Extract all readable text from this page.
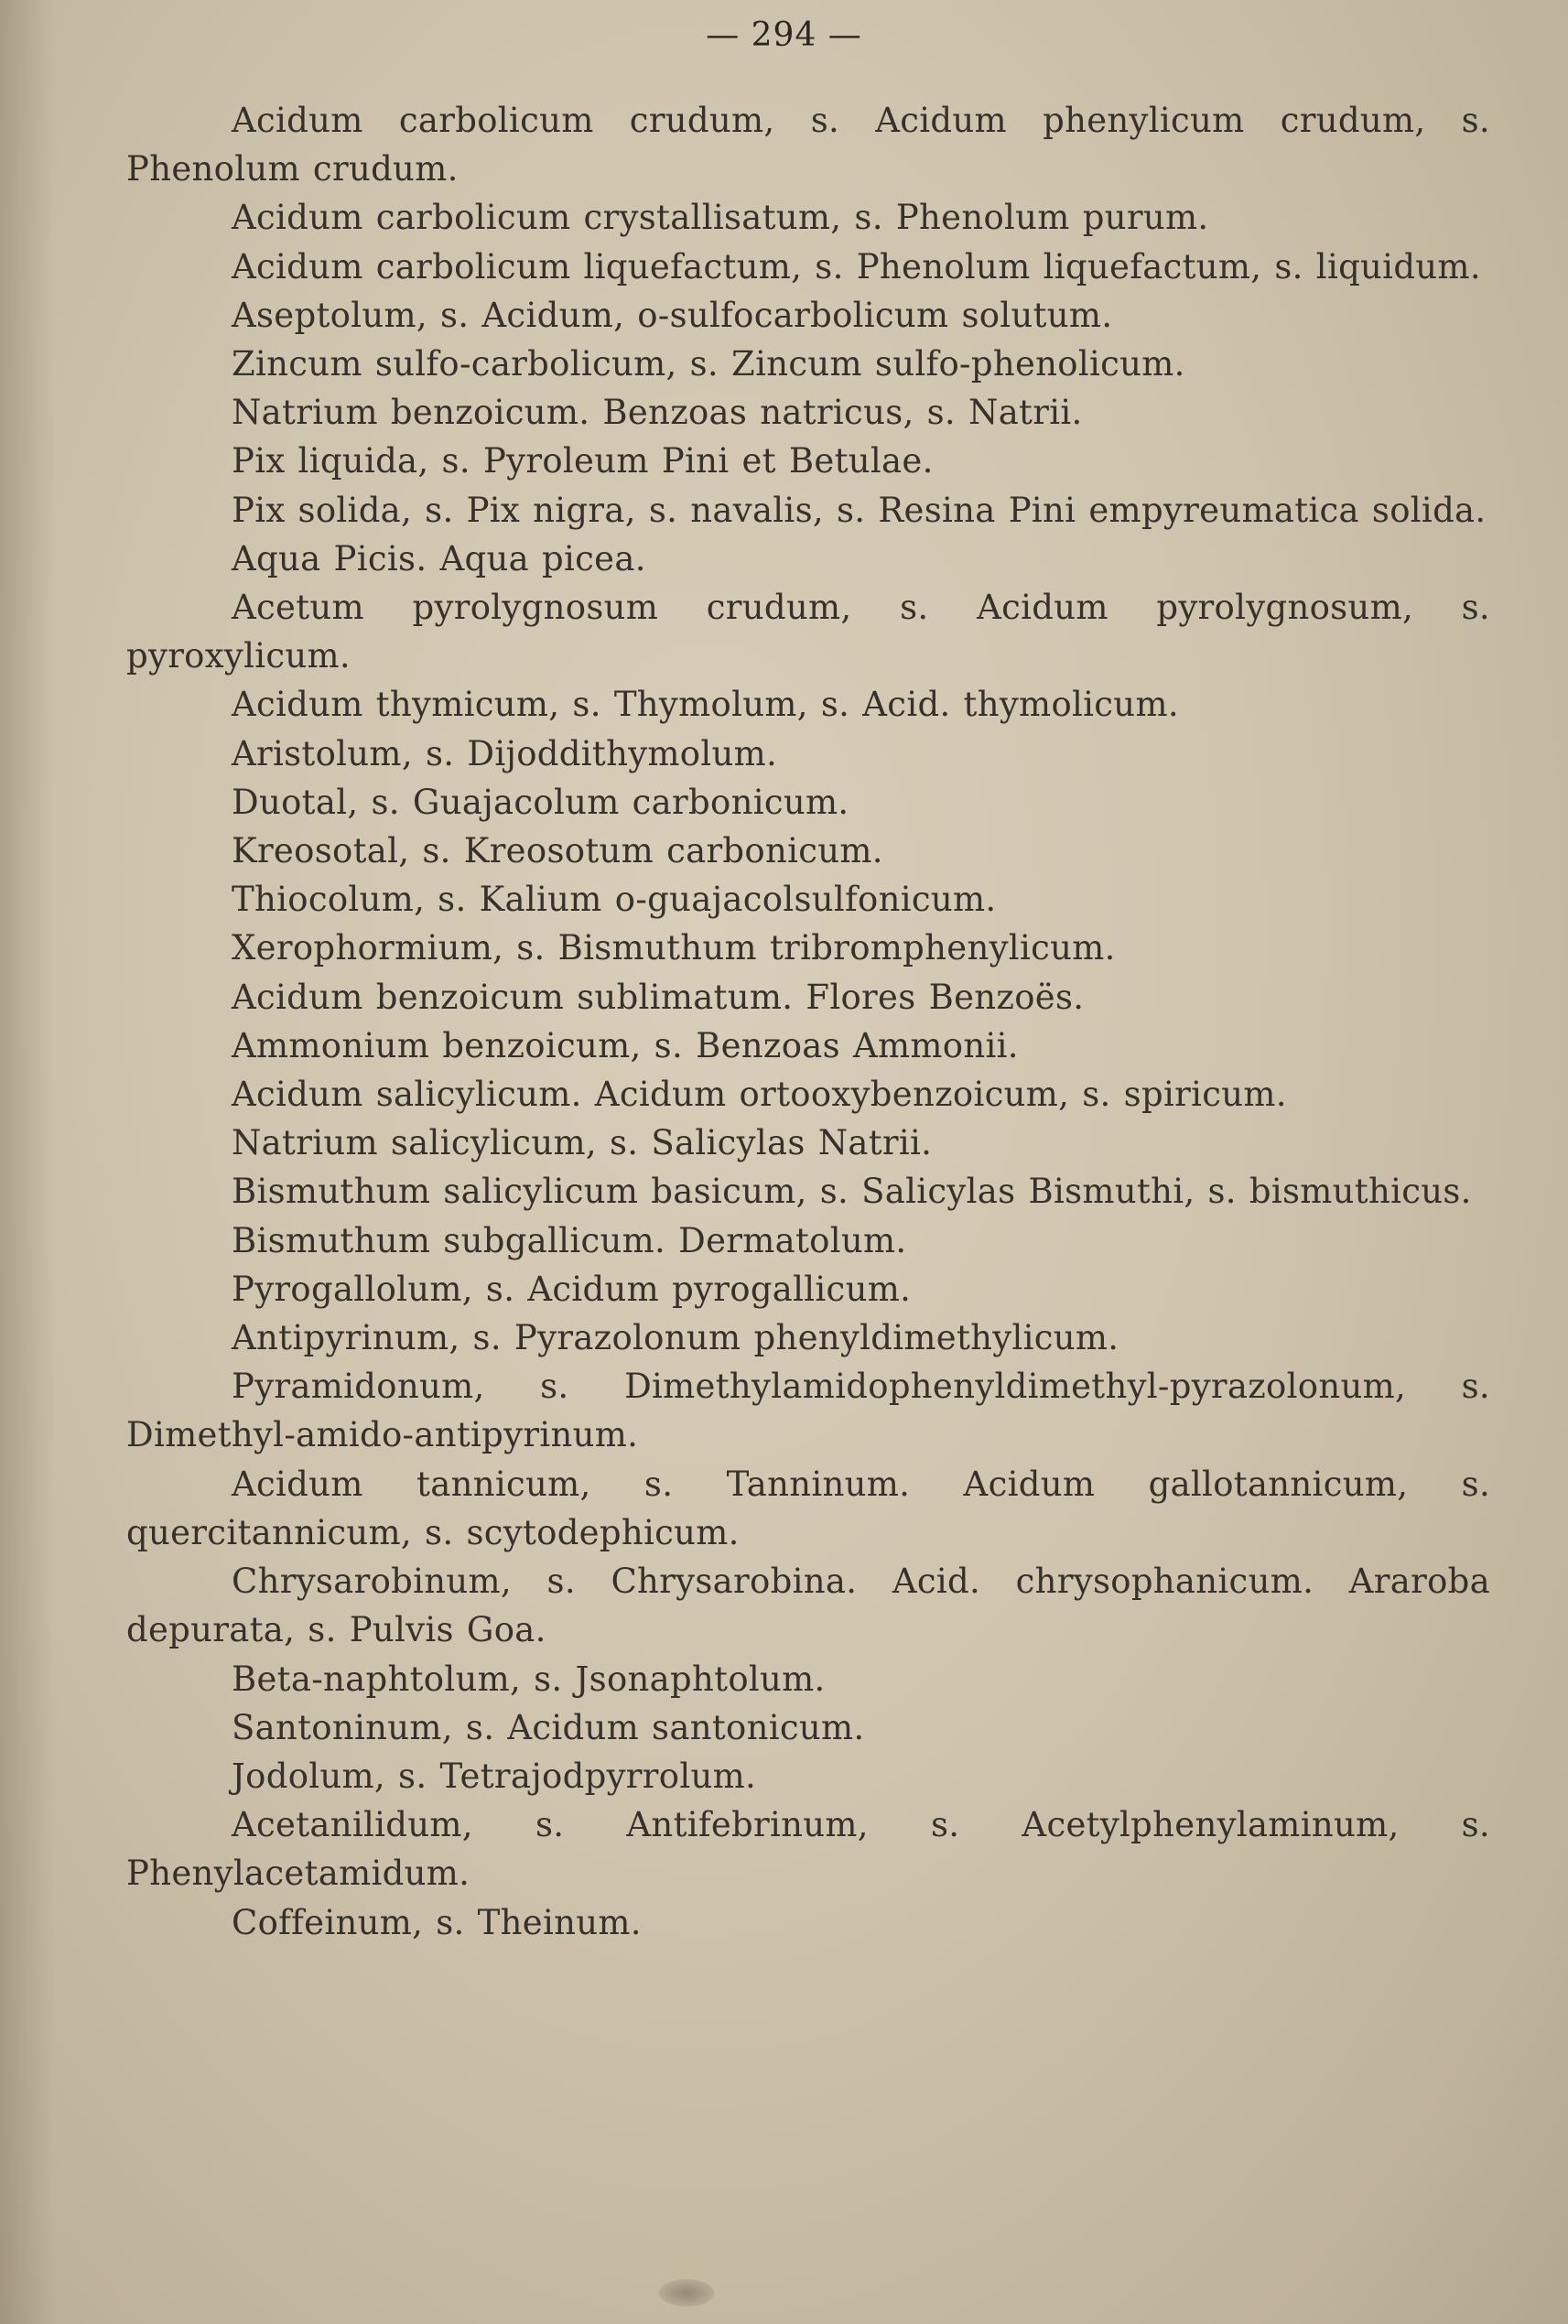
— 294 —

Acidum carbolicum crudum, s. Acidum phenylicum crudum, s. Phenolum crudum.

Acidum carbolicum crystallisatum, s. Phenolum purum.

Acidum carbolicum liquefactum, s. Phenolum liquefactum, s. liquidum.

Aseptolum, s. Acidum, o-sulfocarbolicum solutum.

Zincum sulfo-carbolicum, s. Zincum sulfo-phenolicum.

Natrium benzoicum. Benzoas natricus, s. Natrii.

Pix liquida, s. Pyroleum Pini et Betulae.

Pix solida, s. Pix nigra, s. navalis, s. Resina Pini empyreumatica solida.

Aqua Picis. Aqua picea.

Acetum pyrolygnosum crudum, s. Acidum pyrolygnosum, s. pyroxylicum.

Acidum thymicum, s. Thymolum, s. Acid. thymolicum.

Aristolum, s. Dijoddithymolum.

Duotal, s. Guajacolum carbonicum.

Kreosotal, s. Kreosotum carbonicum.

Thiocolum, s. Kalium o-guajacolsulfonicum.

Xerophormium, s. Bismuthum tribromphenylicum.

Acidum benzoicum sublimatum. Flores Benzoës.

Ammonium benzoicum, s. Benzoas Ammonii.

Acidum salicylicum. Acidum ortooxybenzoicum, s. spiricum.

Natrium salicylicum, s. Salicylas Natrii.

Bismuthum salicylicum basicum, s. Salicylas Bismuthi, s. bismuthicus.

Bismuthum subgallicum. Dermatolum.

Pyrogallolum, s. Acidum pyrogallicum.

Antipyrinum, s. Pyrazolonum phenyldimethylicum.

Pyramidonum, s. Dimethylamidophenyldimethyl-pyrazolonum, s. Dimethyl-amido-antipyrinum.

Acidum tannicum, s. Tanninum. Acidum gallotannicum, s. quercitannicum, s. scytodephicum.

Chrysarobinum, s. Chrysarobina. Acid. chrysophanicum. Araroba depurata, s. Pulvis Goa.

Beta-naphtolum, s. Jsonaphtolum.

Santoninum, s. Acidum santonicum.

Jodolum, s. Tetrajodpyrrolum.

Acetanilidum, s. Antifebrinum, s. Acetylphenylaminum, s. Phenylacetamidum.

Coffeinum, s. Theinum.
